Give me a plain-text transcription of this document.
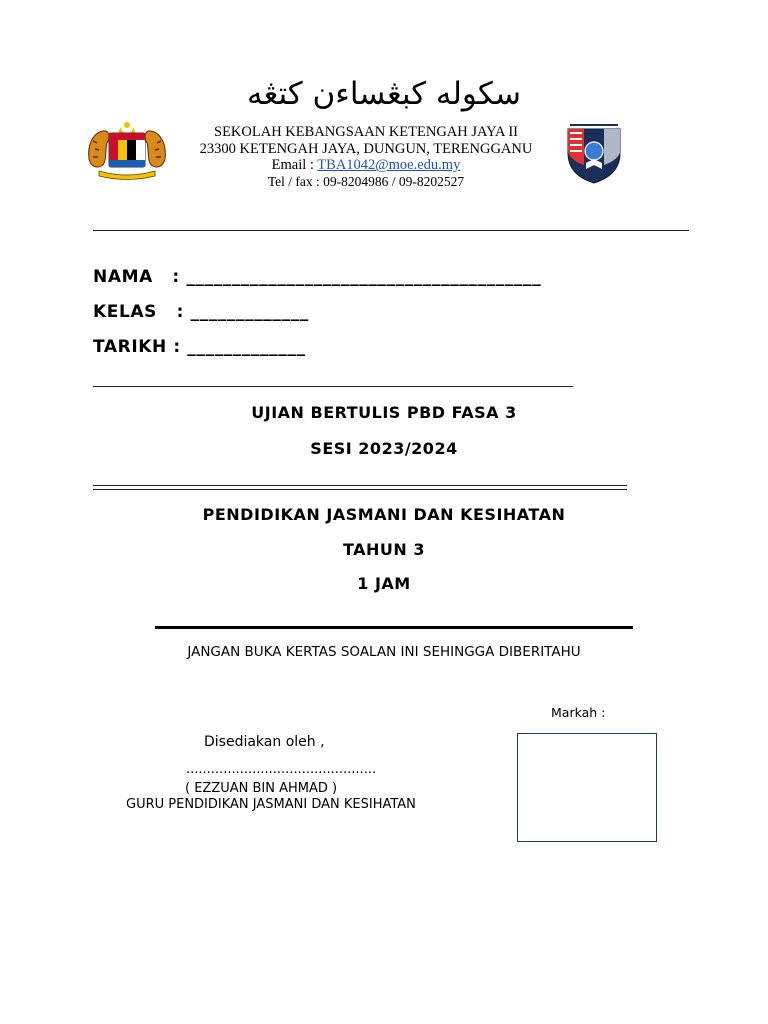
سکوله کبڠساءن کتڠه
SEKOLAH KEBANGSAAN KETENGAH JAYA II
23300 KETENGAH JAYA, DUNGUN, TERENGGANU
Email : TBA1042@moe.edu.my
Tel / fax : 09-8204986 / 09-8202527
NAMA   : _______________________________________
KELAS   : _____________
TARIKH : _____________
UJIAN BERTULIS PBD FASA 3
SESI 2023/2024
PENDIDIKAN JASMANI DAN KESIHATAN
TAHUN 3
1 JAM
JANGAN BUKA KERTAS SOALAN INI SEHINGGA DIBERITAHU
Markah :
Disediakan oleh ,
..............................................
( EZZUAN BIN AHMAD )
GURU PENDIDIKAN JASMANI DAN KESIHATAN
